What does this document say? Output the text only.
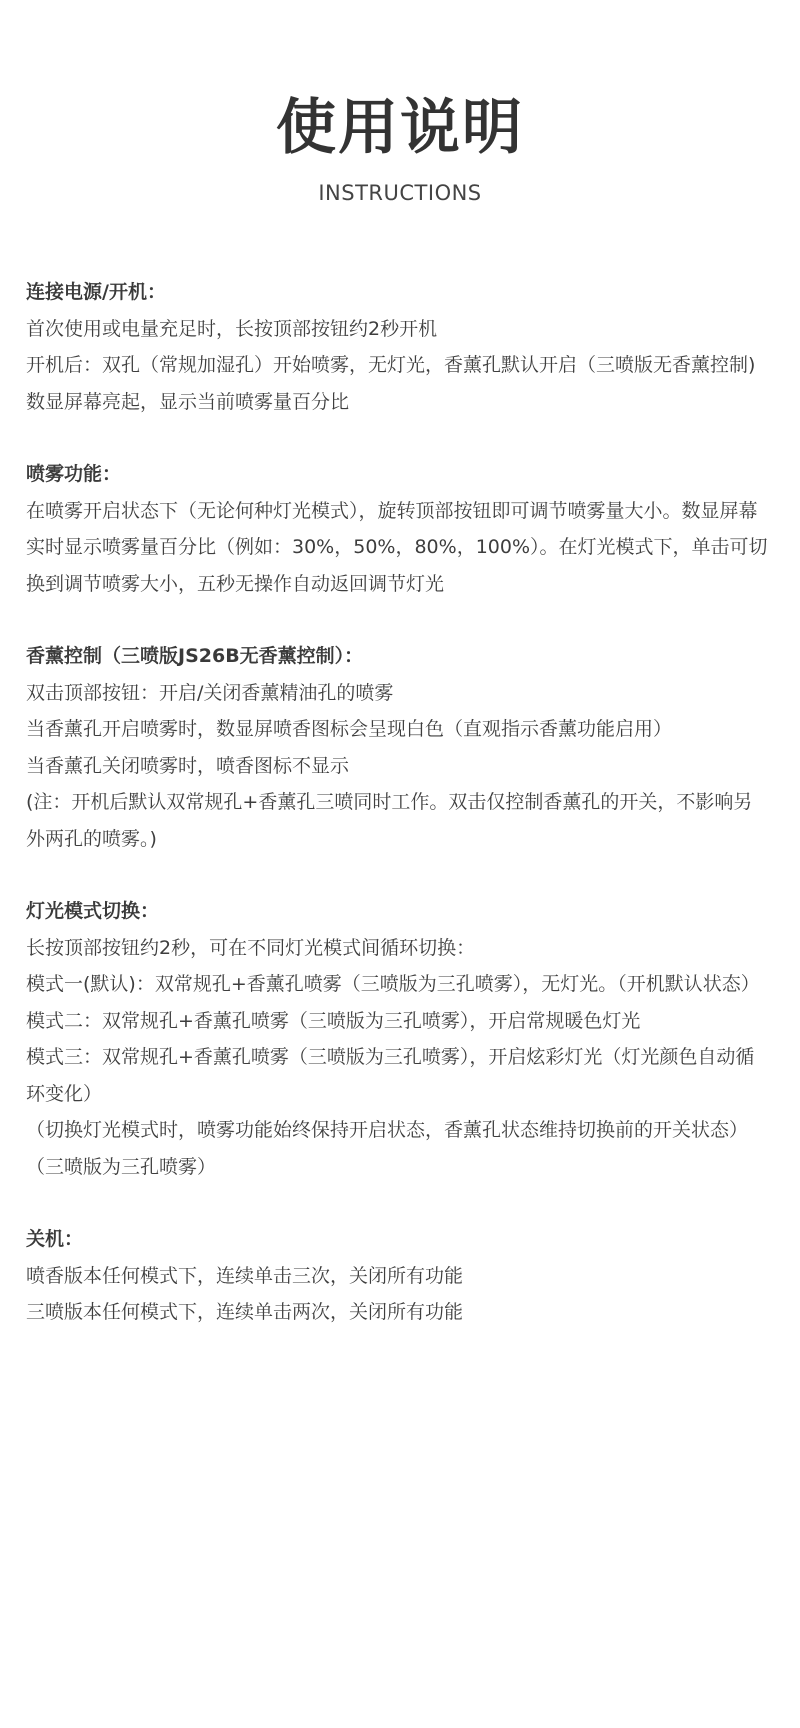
使用说明
INSTRUCTIONS

连接电源/开机：

首次使用或电量充足时，长按顶部按钮约2秒开机

开机后：双孔（常规加湿孔）开始喷雾，无灯光，香薰孔默认开启（三喷版无香薰控制)

数显屏幕亮起，显示当前喷雾量百分比

喷雾功能：

在喷雾开启状态下（无论何种灯光模式），旋转顶部按钮即可调节喷雾量大小。数显屏幕实时显示喷雾量百分比（例如：30%，50%，80%，100%）。在灯光模式下，单击可切换到调节喷雾大小，五秒无操作自动返回调节灯光

香薰控制（三喷版JS26B无香薰控制）：

双击顶部按钮：开启/关闭香薰精油孔的喷雾

当香薰孔开启喷雾时，数显屏喷香图标会呈现白色（直观指示香薰功能启用）

当香薰孔关闭喷雾时，喷香图标不显示

(注：开机后默认双常规孔+香薰孔三喷同时工作。双击仅控制香薰孔的开关，不影响另外两孔的喷雾。)

灯光模式切换：

长按顶部按钮约2秒，可在不同灯光模式间循环切换：

模式一(默认)：双常规孔+香薰孔喷雾（三喷版为三孔喷雾），无灯光。（开机默认状态）

模式二：双常规孔+香薰孔喷雾（三喷版为三孔喷雾），开启常规暖色灯光

模式三：双常规孔+香薰孔喷雾（三喷版为三孔喷雾），开启炫彩灯光（灯光颜色自动循环变化）

（切换灯光模式时，喷雾功能始终保持开启状态，香薰孔状态维持切换前的开关状态）（三喷版为三孔喷雾）

关机：

喷香版本任何模式下，连续单击三次，关闭所有功能

三喷版本任何模式下，连续单击两次，关闭所有功能
